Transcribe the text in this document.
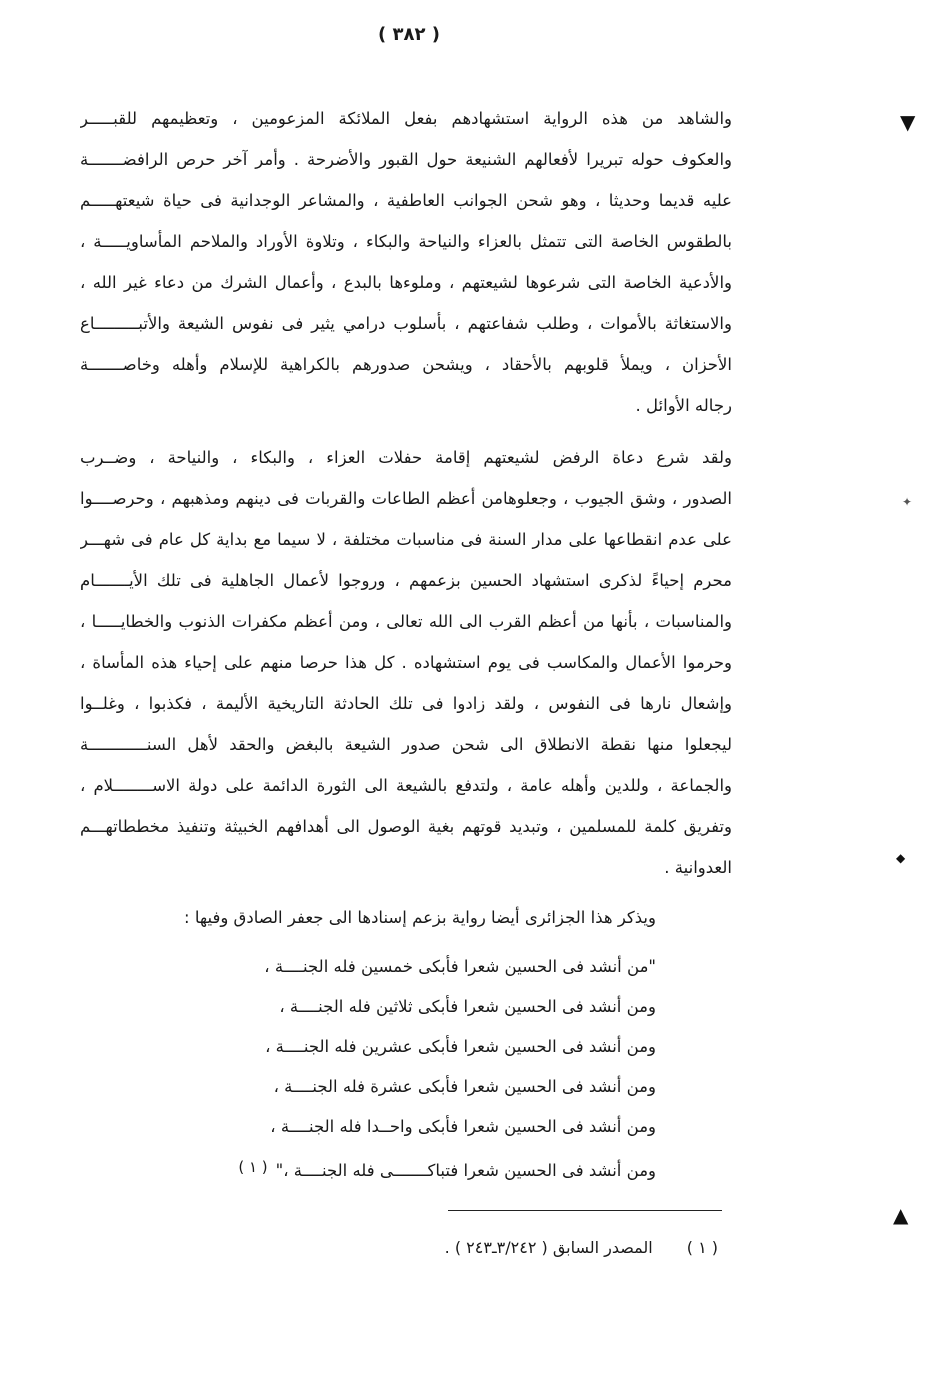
( ٣٨٢ )
والشاهد من هذه الرواية استشهادهم بفعل الملائكة المزعومين ، وتعظيمهم للقبـــــر
والعكوف حوله تبريرا لأفعالهم الشنيعة حول القبور والأضرحة . وأمر آخر حرص الرافضـــــــة
عليه قديما وحديثا ، وهو شحن الجوانب العاطفية ، والمشاعر الوجدانية فى حياة شيعتهـــــم
بالطقوس الخاصة التى تتمثل بالعزاء والنياحة والبكاء ، وتلاوة الأوراد والملاحم المأساويـــــة ،
والأدعية الخاصة التى شرعوها لشيعتهم ، وملوءها بالبدع ، وأعمال الشرك من دعاء غير الله ،
والاستغاثة بالأموات ، وطلب شفاعتهم ، بأسلوب درامي يثير فى نفوس الشيعة والأتبـــــــــاع
الأحزان ، ويملأ قلوبهم بالأحقاد ، ويشحن صدورهم بالكراهية للإسلام وأهله وخاصـــــــة
رجاله الأوائل .
ولقد شرع دعاة الرفض لشيعتهم إقامة حفلات العزاء ، والبكاء ، والنياحة ، وضــرب
الصدور ، وشق الجيوب ، وجعلوهامن أعظم الطاعات والقربات فى دينهم ومذهبهم ، وحرصــــوا
على عدم انقطاعها على مدار السنة فى مناسبات مختلفة ، لا سيما مع بداية كل عام فى شهـــر
محرم إحياءً لذكرى استشهاد الحسين بزعمهم ، وروجوا لأعمال الجاهلية فى تلك الأيـــــــام
والمناسبات ، بأنها من أعظم القرب الى الله تعالى ، ومن أعظم مكفرات الذنوب والخطايـــــا ،
وحرموا الأعمال والمكاسب فى يوم استشهاده . كل هذا حرصا منهم على إحياء هذه المأساة ،
وإشعال نارها فى النفوس ، ولقد زادوا فى تلك الحادثة التاريخية الأليمة ، فكذبوا ، وغلــوا
ليجعلوا منها نقطة الانطلاق الى شحن صدور الشيعة بالبغض والحقد لأهل السنــــــــــــة
والجماعة ، وللدين وأهله عامة ، ولتدفع بالشيعة الى الثورة الدائمة على دولة الاســــــــلام ،
وتفريق كلمة للمسلمين ، وتبديد قوتهم بغية الوصول الى أهدافهم الخبيثة وتنفيذ مخططاتهـــم
العدوانية .
ويذكر هذا الجزائرى أيضا رواية بزعم إسنادها الى جعفر الصادق وفيها :
"من أنشد فى الحسين شعرا فأبكى خمسين فله الجنــــة ،
ومن أنشد فى الحسين شعرا فأبكى ثلاثين فله الجنــــة ،
ومن أنشد فى الحسين شعرا فأبكى عشرين فله الجنــــة ،
ومن أنشد فى الحسين شعرا فأبكى عشرة فله الجنــــة ،
ومن أنشد فى الحسين شعرا فأبكى واحــدا فله الجنــــة ،
ومن أنشد فى الحسين شعرا فتباكـــــــى فله الجنــــة ،"( ١ )
( ١ )المصدر السابق ( ٣/٢٤٢ـ٢٤٣ ) .
▼
✦
◆
▲
